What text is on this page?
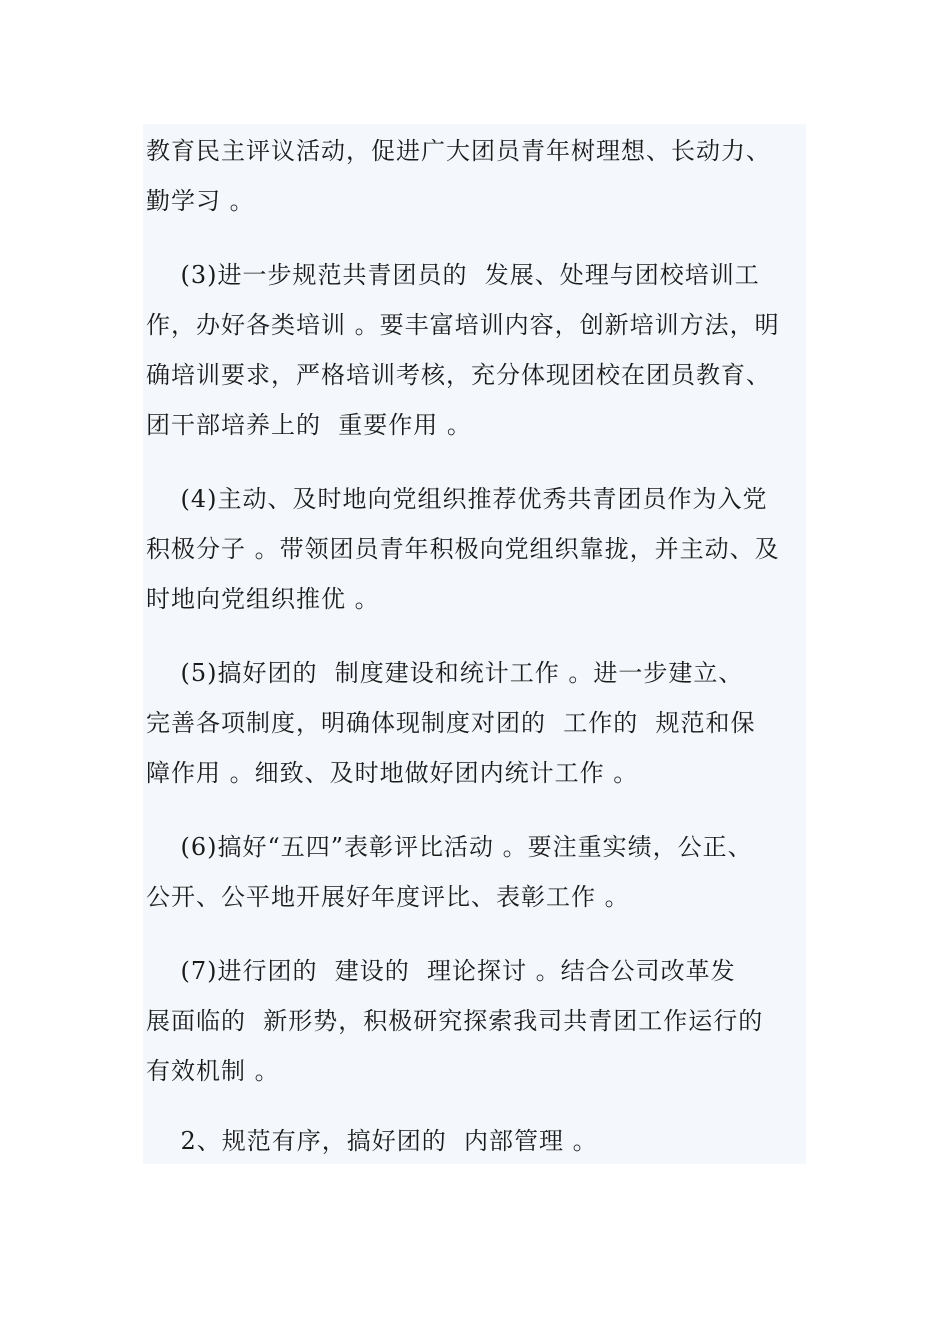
教育民主评议活动，促进广大团员青年树理想、长动力、
勤学习 。
(3)进一步规范共青团员的  发展、处理与团校培训工
作，办好各类培训 。要丰富培训内容，创新培训方法，明
确培训要求，严格培训考核，充分体现团校在团员教育、
团干部培养上的  重要作用 。
(4)主动、及时地向党组织推荐优秀共青团员作为入党
积极分子 。带领团员青年积极向党组织靠拢，并主动、及
时地向党组织推优 。
(5)搞好团的  制度建设和统计工作 。进一步建立、
完善各项制度，明确体现制度对团的  工作的  规范和保
障作用 。细致、及时地做好团内统计工作 。
(6)搞好“五四”表彰评比活动 。要注重实绩，公正、
公开、公平地开展好年度评比、表彰工作 。
(7)进行团的  建设的  理论探讨 。结合公司改革发
展面临的  新形势，积极研究探索我司共青团工作运行的
有效机制 。
2、规范有序，搞好团的  内部管理 。
